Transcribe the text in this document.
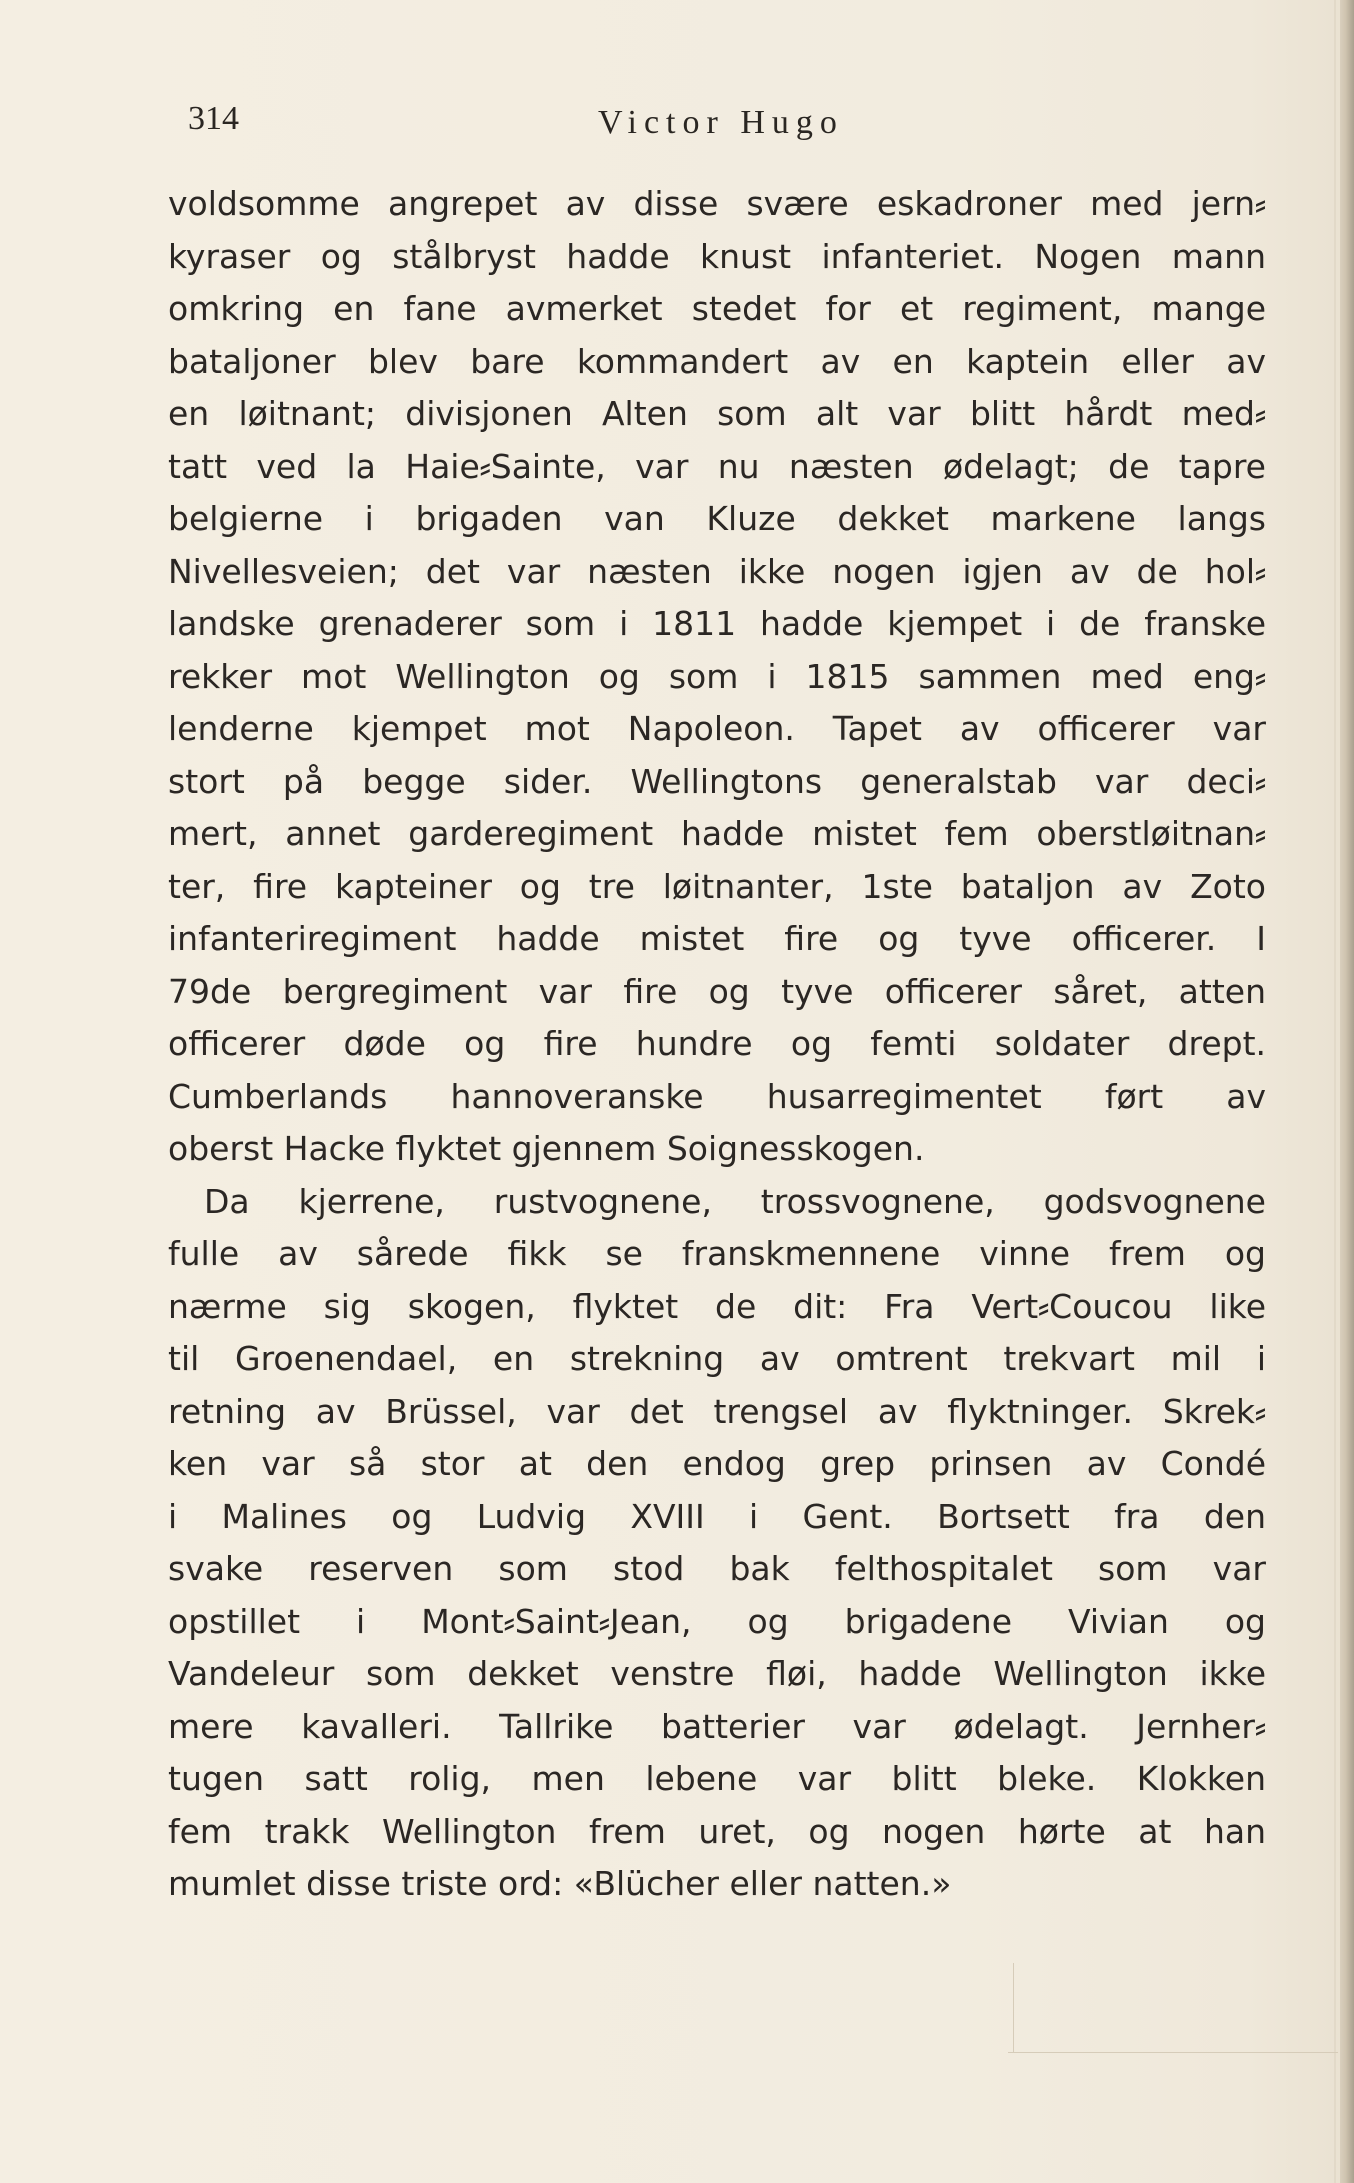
314	Victor Hugo
voldsomme angrepet av disse svære eskadroner med jern⸗
kyraser og stålbryst hadde knust infanteriet. Nogen mann
omkring en fane avmerket stedet for et regiment, mange
bataljoner blev bare kommandert av en kaptein eller av
en løitnant; divisjonen Alten som alt var blitt hårdt med⸗
tatt ved la Haie⸗Sainte, var nu næsten ødelagt; de tapre
belgierne i brigaden van Kluze dekket markene langs
Nivellesveien; det var næsten ikke nogen igjen av de hol⸗
landske grenaderer som i 1811 hadde kjempet i de franske
rekker mot Wellington og som i 1815 sammen med eng⸗
lenderne kjempet mot Napoleon. Tapet av officerer var
stort på begge sider. Wellingtons generalstab var deci⸗
mert, annet garderegiment hadde mistet fem oberstløitnan⸗
ter, fire kapteiner og tre løitnanter, 1ste bataljon av Zoto
infanteriregiment hadde mistet fire og tyve officerer. I
79de bergregiment var fire og tyve officerer såret, atten
officerer døde og fire hundre og femti soldater drept.
Cumberlands hannoveranske husarregimentet ført av
oberst Hacke flyktet gjennem Soignesskogen.
Da kjerrene, rustvognene, trossvognene, godsvognene
fulle av sårede fikk se franskmennene vinne frem og
nærme sig skogen, flyktet de dit: Fra Vert⸗Coucou like
til Groenendael, en strekning av omtrent trekvart mil i
retning av Brüssel, var det trengsel av flyktninger. Skrek⸗
ken var så stor at den endog grep prinsen av Condé
i Malines og Ludvig XVIII i Gent. Bortsett fra den
svake reserven som stod bak felthospitalet som var
opstillet i Mont⸗Saint⸗Jean, og brigadene Vivian og
Vandeleur som dekket venstre fløi, hadde Wellington ikke
mere kavalleri. Tallrike batterier var ødelagt. Jernher⸗
tugen satt rolig, men lebene var blitt bleke. Klokken
fem trakk Wellington frem uret, og nogen hørte at han
mumlet disse triste ord: «Blücher eller natten.»
